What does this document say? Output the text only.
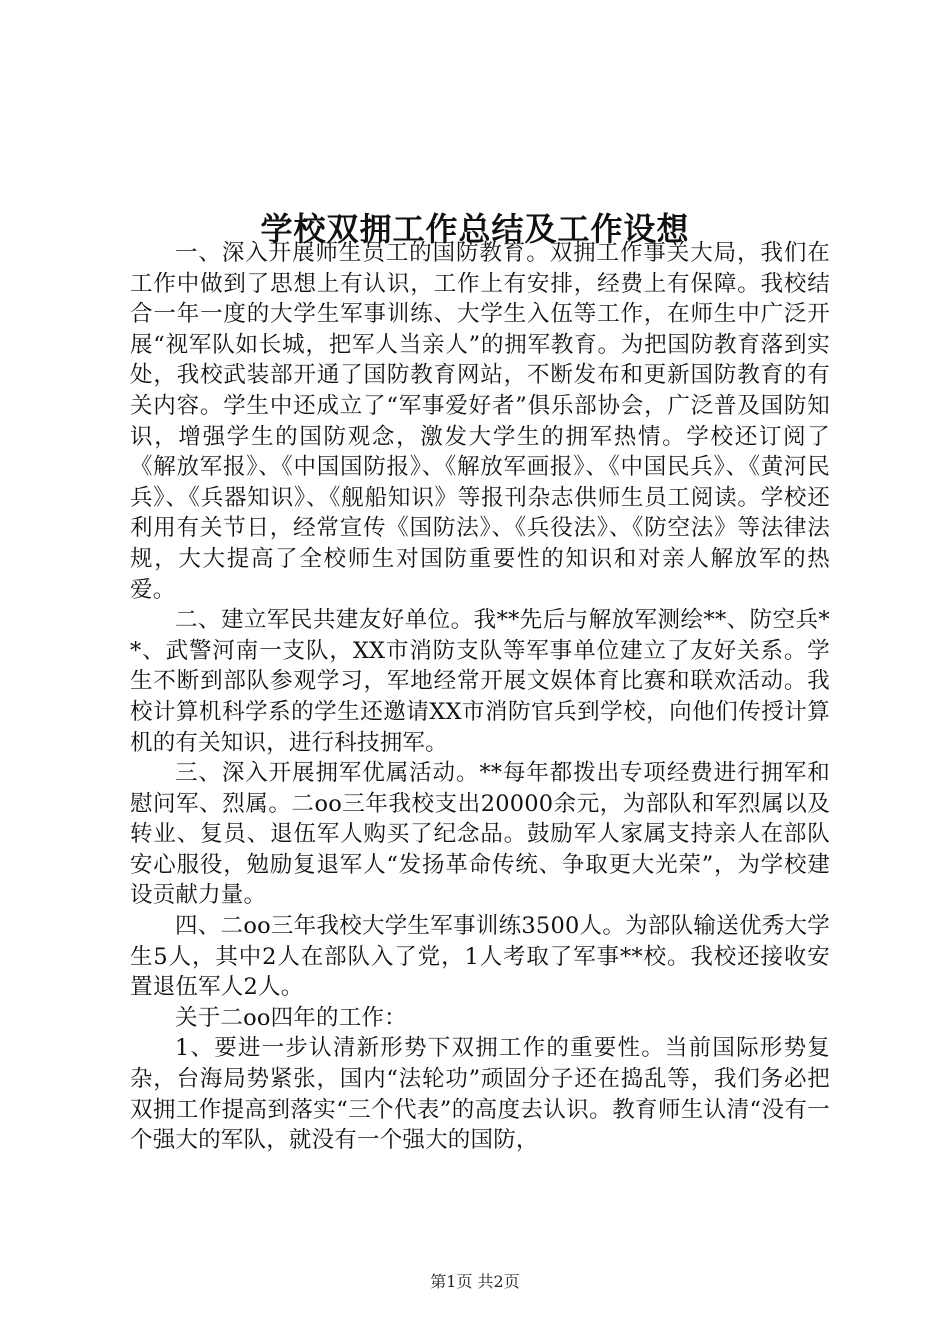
学校双拥工作总结及工作设想

一、深入开展师生员工的国防教育。双拥工作事关大局，我们在工作中做到了思想上有认识，工作上有安排，经费上有保障。我校结合一年一度的大学生军事训练、大学生入伍等工作，在师生中广泛开展“视军队如长城，把军人当亲人”的拥军教育。为把国防教育落到实处，我校武装部开通了国防教育网站，不断发布和更新国防教育的有关内容。学生中还成立了“军事爱好者”俱乐部协会，广泛普及国防知识，增强学生的国防观念，激发大学生的拥军热情。学校还订阅了《解放军报》、《中国国防报》、《解放军画报》、《中国民兵》、《黄河民兵》、《兵器知识》、《舰船知识》等报刊杂志供师生员工阅读。学校还利用有关节日，经常宣传《国防法》、《兵役法》、《防空法》等法律法规，大大提高了全校师生对国防重要性的知识和对亲人解放军的热爱。

二、建立军民共建友好单位。我**先后与解放军测绘**、防空兵**、武警河南一支队，XX市消防支队等军事单位建立了友好关系。学生不断到部队参观学习，军地经常开展文娱体育比赛和联欢活动。我校计算机科学系的学生还邀请XX市消防官兵到学校，向他们传授计算机的有关知识，进行科技拥军。

三、深入开展拥军优属活动。**每年都拨出专项经费进行拥军和慰问军、烈属。二oo三年我校支出20000余元，为部队和军烈属以及转业、复员、退伍军人购买了纪念品。鼓励军人家属支持亲人在部队安心服役，勉励复退军人“发扬革命传统、争取更大光荣”，为学校建设贡献力量。

四、二oo三年我校大学生军事训练3500人。为部队输送优秀大学生5人，其中2人在部队入了党，1人考取了军事**校。我校还接收安置退伍军人2人。

关于二oo四年的工作：

1、要进一步认清新形势下双拥工作的重要性。当前国际形势复杂，台海局势紧张，国内“法轮功”顽固分子还在捣乱等，我们务必把双拥工作提高到落实“三个代表”的高度去认识。教育师生认清“没有一个强大的军队，就没有一个强大的国防，

第1页 共2页
